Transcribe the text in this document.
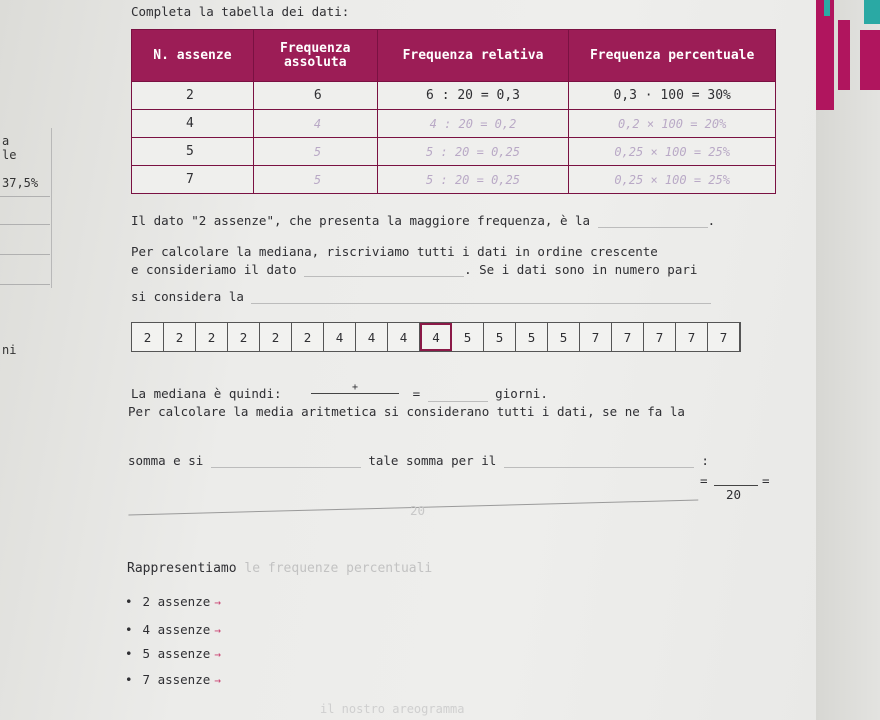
a
le
37,5%
ni
Completa la tabella dei dati:
N. assenze	Frequenza assoluta	Frequenza relativa	Frequenza percentuale
2	6	6 : 20 = 0,3	0,3 · 100 = 30%
4	4	4 : 20 = 0,2	0,2 × 100 = 20%
5	5	5 : 20 = 0,25	0,25 × 100 = 25%
7	5	5 : 20 = 0,25	0,25 × 100 = 25%
Il dato "2 assenze", che presenta la maggiore frequenza, è la	.
Per calcolare la mediana, riscriviamo tutti i dati in ordine crescente
e consideriamo il dato	. Se i dati sono in numero pari
si considera la
2	2	2	2	2	2	4	4	4	4	5	5	5	5	7	7	7	7	7
La mediana è quindi:	+	=	giorni.
Per calcolare la media aritmetica si considerano tutti i dati, se ne fa la
somma e si	tale somma per il	:
20
=
20
=
Rappresentiamo le frequenze percentuali
• 2 assenze →
• 4 assenze →
• 5 assenze →
• 7 assenze →
il nostro areogramma
